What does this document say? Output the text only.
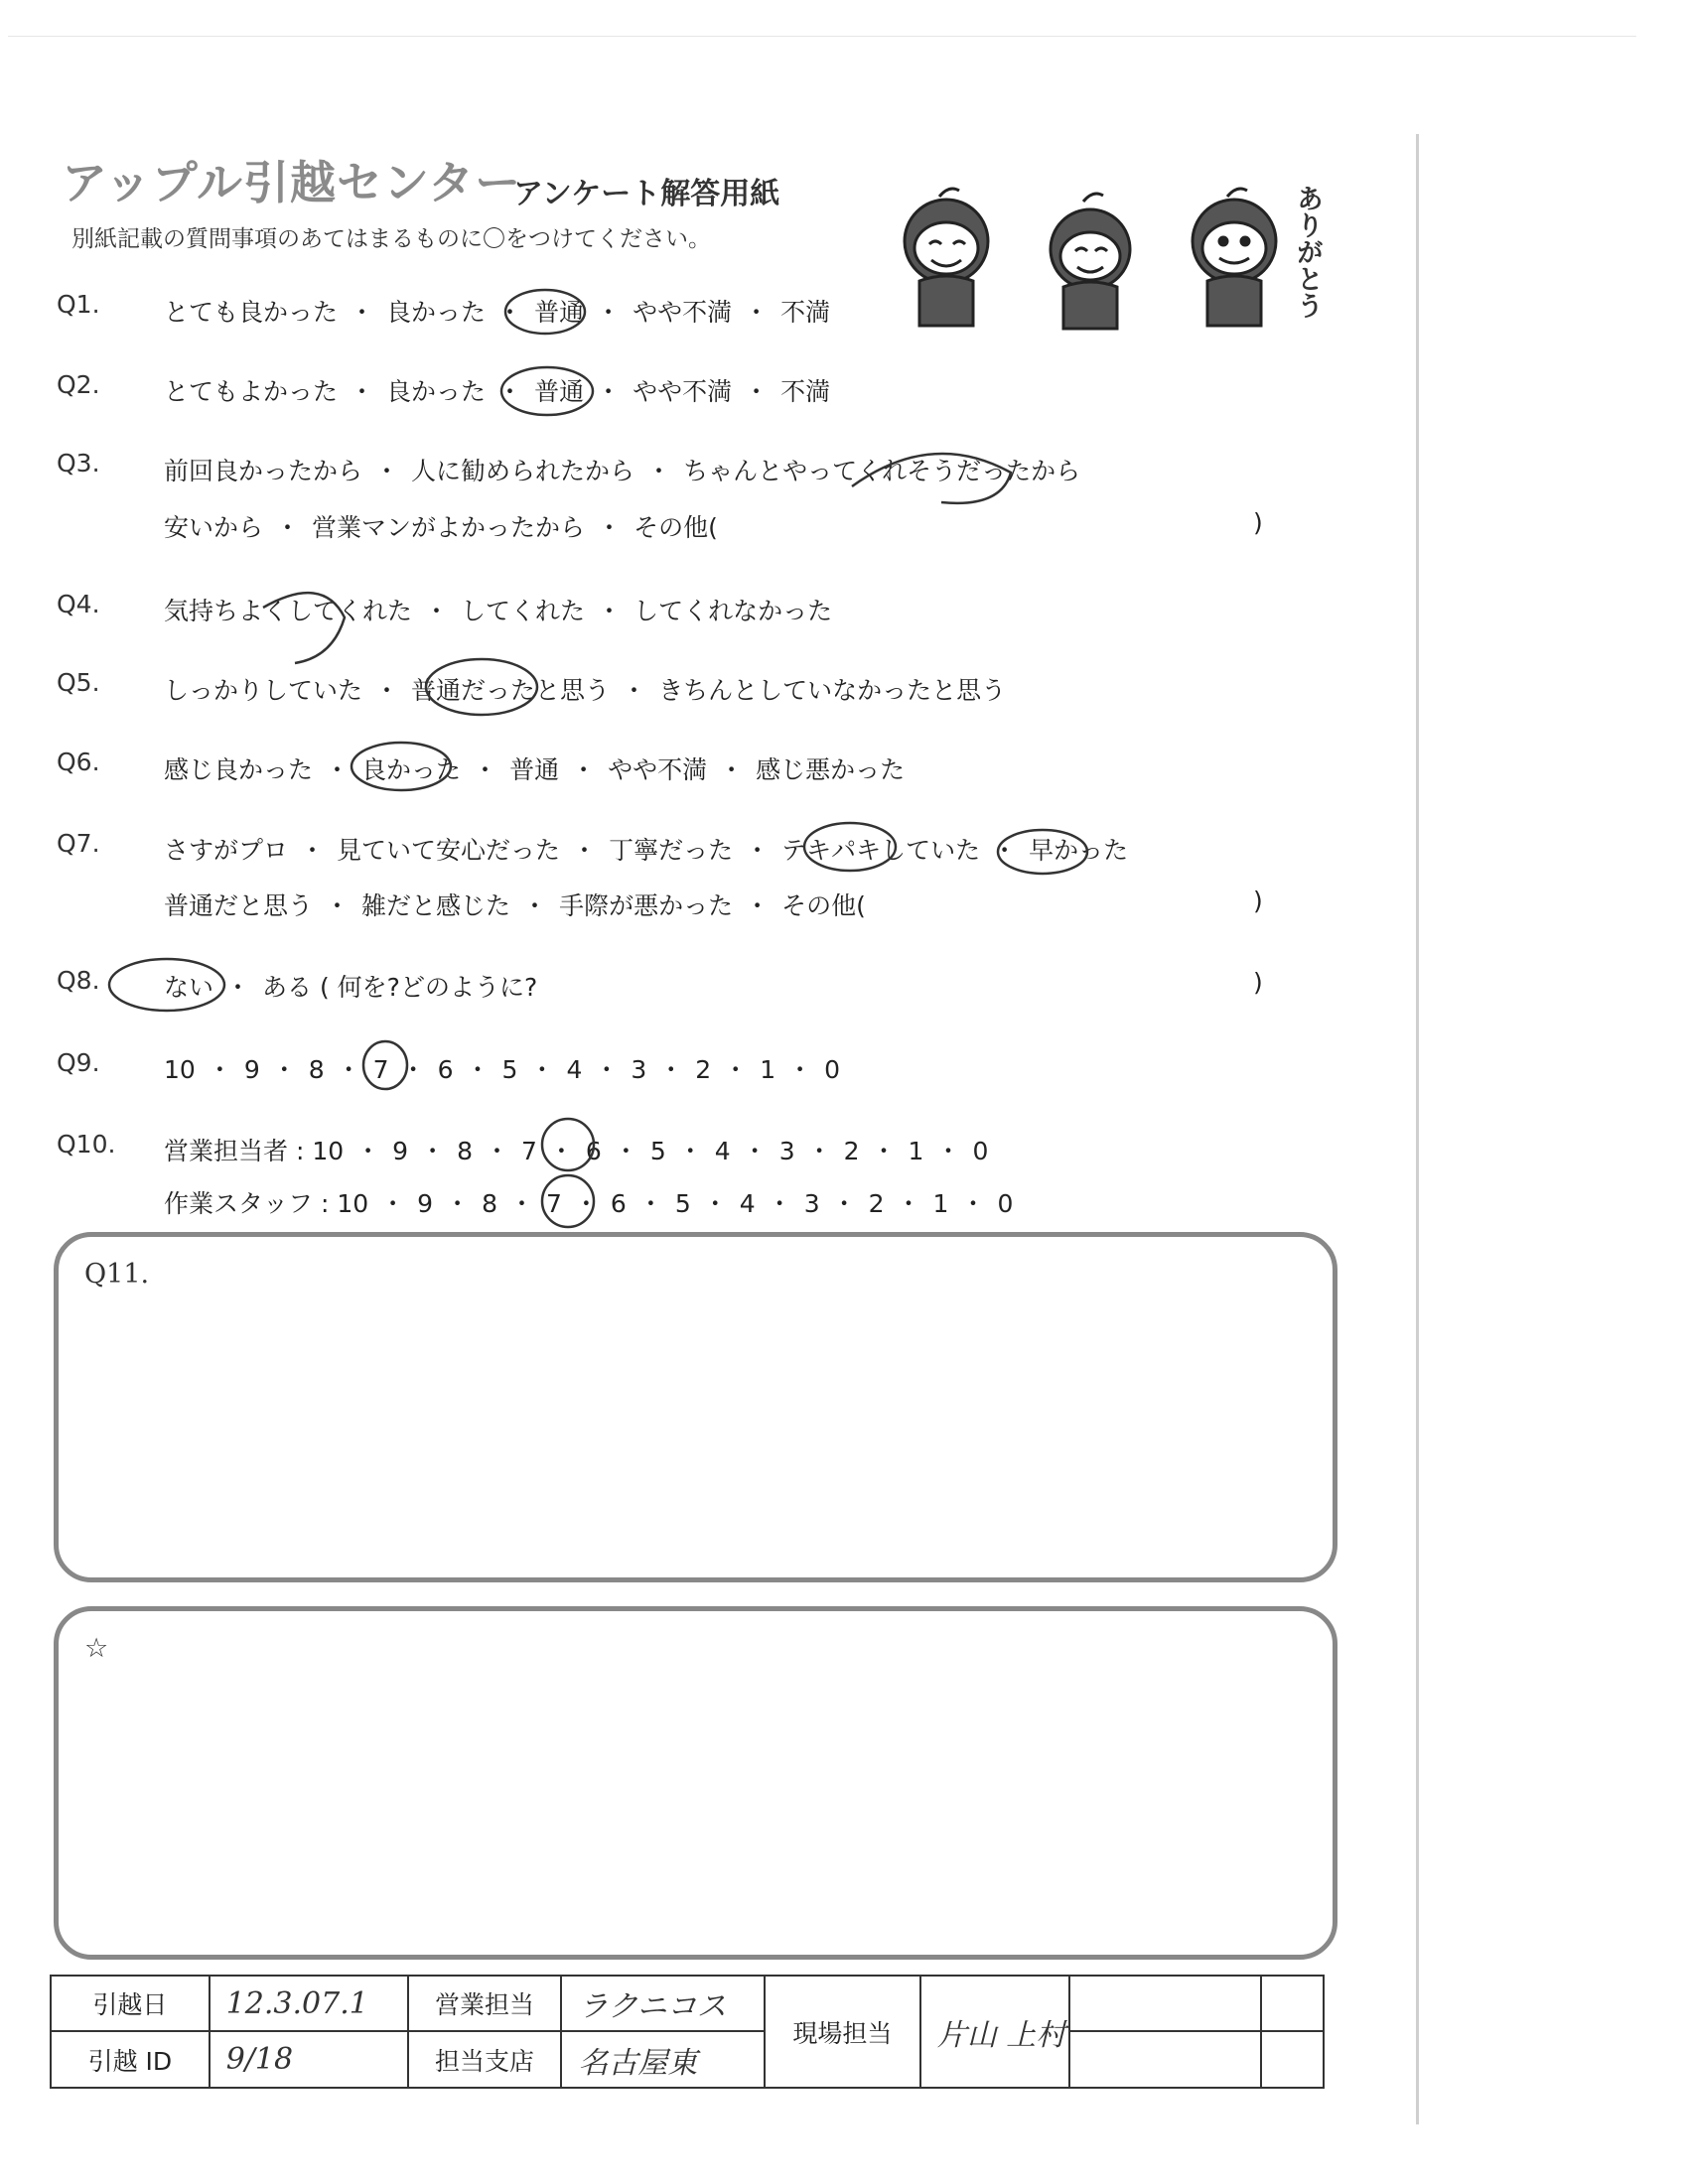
アップル引越センター
アンケート解答用紙
別紙記載の質問事項のあてはまるものに〇をつけてください。	ありがとう
Q1.	とても良かった ・ 良かった ・ 普通 ・ やや不満 ・ 不満
Q2.	とてもよかった ・ 良かった ・ 普通 ・ やや不満 ・ 不満
Q3.	前回良かったから ・ 人に勧められたから ・ ちゃんとやってくれそうだったから
安いから ・ 営業マンがよかったから ・ その他(	)
Q4.	気持ちよくしてくれた ・ してくれた ・ してくれなかった
Q5.	しっかりしていた ・ 普通だったと思う ・ きちんとしていなかったと思う
Q6.	感じ良かった ・ 良かった ・ 普通 ・ やや不満 ・ 感じ悪かった
Q7.	さすがプロ ・ 見ていて安心だった ・ 丁寧だった ・ テキパキしていた ・ 早かった
普通だと思う ・ 雑だと感じた ・ 手際が悪かった ・ その他(	)
Q8.	ない ・ ある ( 何を?どのように?	)
Q9.	10 ・ 9 ・ 8 ・ 7 ・ 6 ・ 5 ・ 4 ・ 3 ・ 2 ・ 1 ・ 0
Q10. 営業担当者 : 10 ・ 9 ・ 8 ・ 7 ・ 6 ・ 5 ・ 4 ・ 3 ・ 2 ・ 1 ・ 0
作業スタッフ : 10 ・ 9 ・ 8 ・ 7 ・ 6 ・ 5 ・ 4 ・ 3 ・ 2 ・ 1 ・ 0
Q11.
☆
引越日	12.3.07.1	営業担当	ラクニコス	現場担当	片山 上村		
引越 ID	9/18	担当支店	名古屋東				
